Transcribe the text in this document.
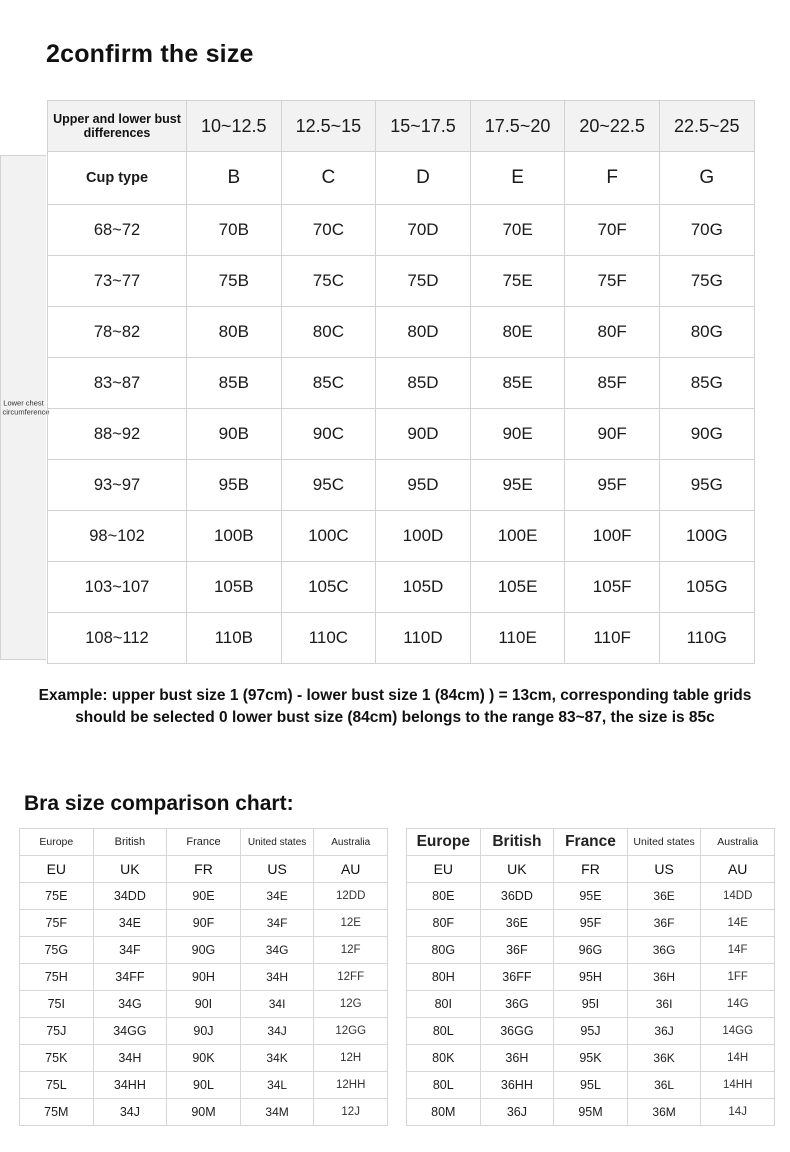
2confirm the size
Lower chest circumference
Upper and lower bust differences	10~12.5	12.5~15	15~17.5	17.5~20	20~22.5	22.5~25
Cup type	B	C	D	E	F	G
68~72	70B	70C	70D	70E	70F	70G
73~77	75B	75C	75D	75E	75F	75G
78~82	80B	80C	80D	80E	80F	80G
83~87	85B	85C	85D	85E	85F	85G
88~92	90B	90C	90D	90E	90F	90G
93~97	95B	95C	95D	95E	95F	95G
98~102	100B	100C	100D	100E	100F	100G
103~107	105B	105C	105D	105E	105F	105G
108~112	110B	110C	110D	110E	110F	110G
Example: upper bust size 1 (97cm) - lower bust size 1 (84cm) ) = 13cm, corresponding table grids should be selected 0 lower bust size (84cm) belongs to the range 83~87, the size is 85c
Bra size comparison chart:
Europe	British	France	United states	Australia
EU	UK	FR	US	AU
75E	34DD	90E	34E	12DD
75F	34E	90F	34F	12E
75G	34F	90G	34G	12F
75H	34FF	90H	34H	12FF
75I	34G	90I	34I	12G
75J	34GG	90J	34J	12GG
75K	34H	90K	34K	12H
75L	34HH	90L	34L	12HH
75M	34J	90M	34M	12J
Europe	British	France	United states	Australia
EU	UK	FR	US	AU
80E	36DD	95E	36E	14DD
80F	36E	95F	36F	14E
80G	36F	96G	36G	14F
80H	36FF	95H	36H	1FF
80I	36G	95I	36I	14G
80L	36GG	95J	36J	14GG
80K	36H	95K	36K	14H
80L	36HH	95L	36L	14HH
80M	36J	95M	36M	14J
